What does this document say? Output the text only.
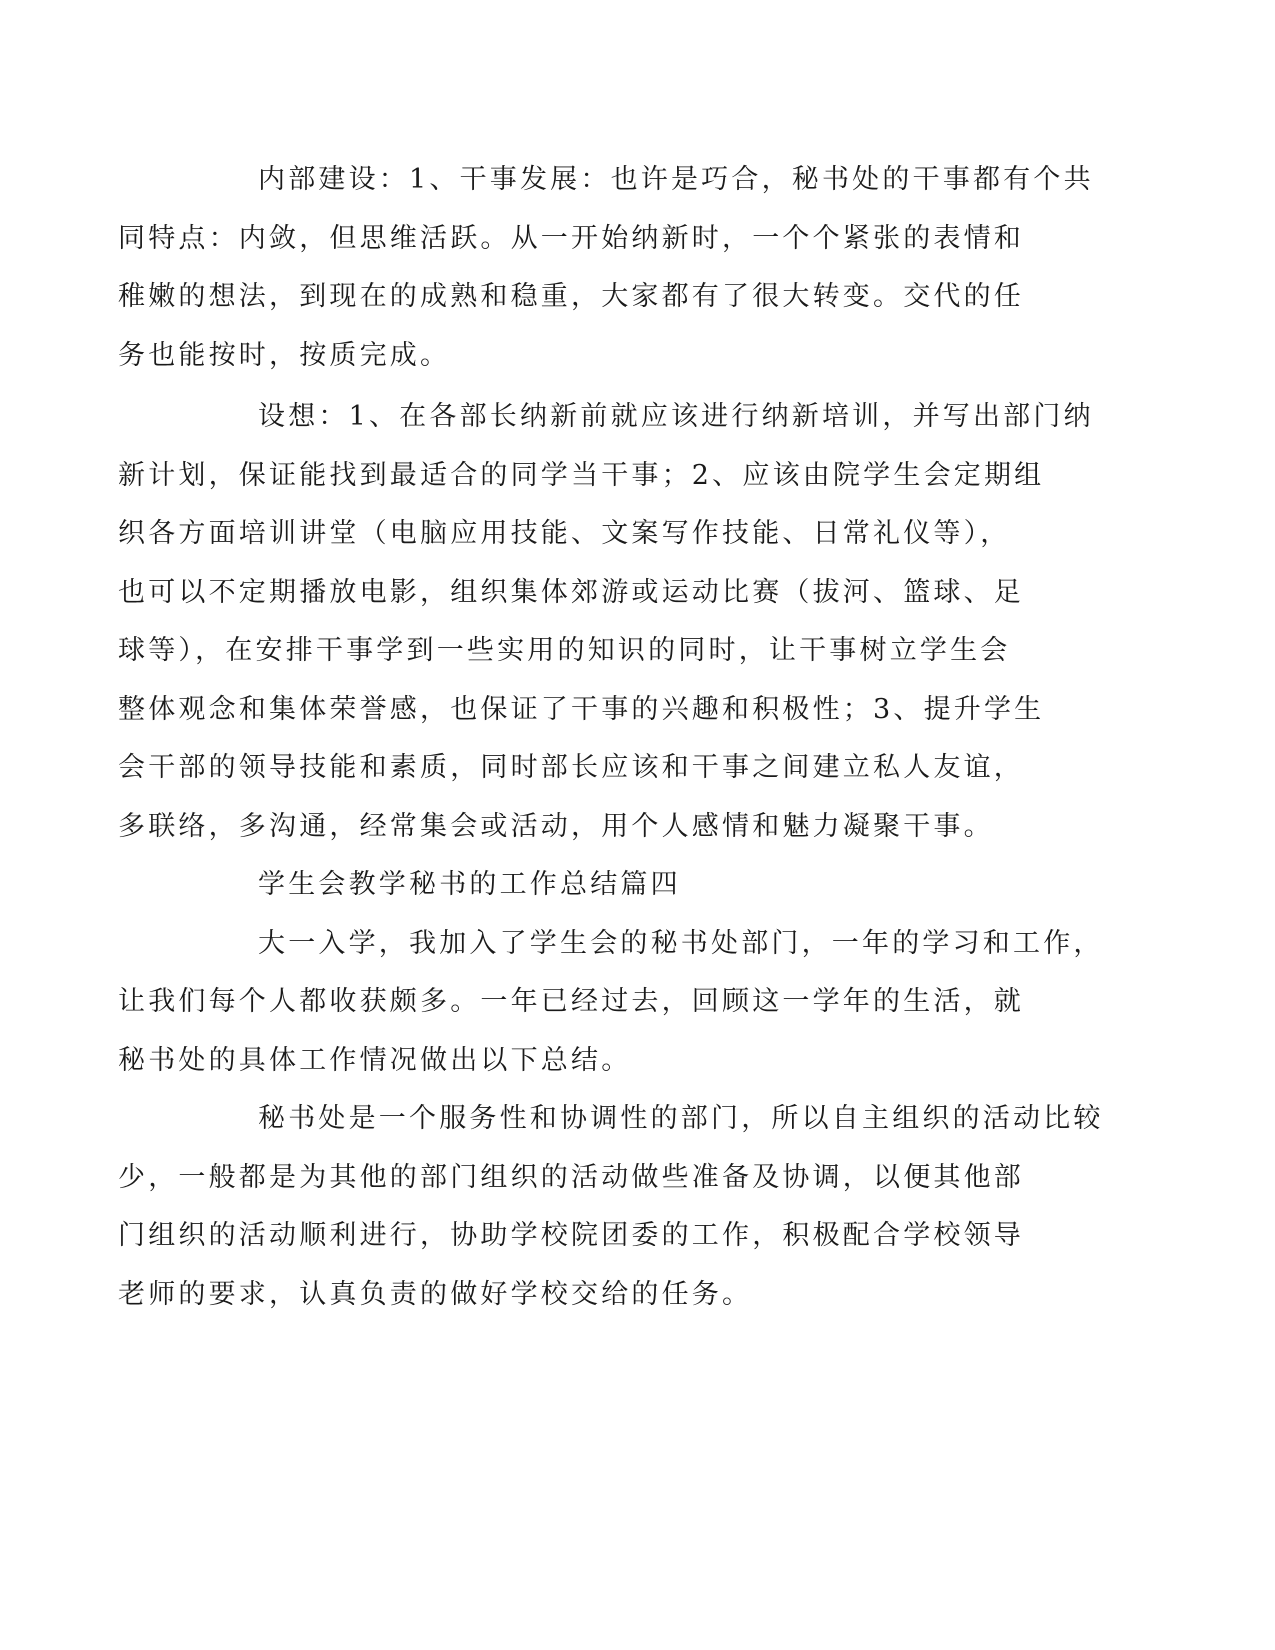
内部建设：1、干事发展：也许是巧合，秘书处的干事都有个共
同特点：内敛，但思维活跃。从一开始纳新时，一个个紧张的表情和
稚嫩的想法，到现在的成熟和稳重，大家都有了很大转变。交代的任
务也能按时，按质完成。

设想：1、在各部长纳新前就应该进行纳新培训，并写出部门纳
新计划，保证能找到最适合的同学当干事；2、应该由院学生会定期组
织各方面培训讲堂（电脑应用技能、文案写作技能、日常礼仪等），
也可以不定期播放电影，组织集体郊游或运动比赛（拔河、篮球、足
球等），在安排干事学到一些实用的知识的同时，让干事树立学生会
整体观念和集体荣誉感，也保证了干事的兴趣和积极性；3、提升学生
会干部的领导技能和素质，同时部长应该和干事之间建立私人友谊，
多联络，多沟通，经常集会或活动，用个人感情和魅力凝聚干事。

学生会教学秘书的工作总结篇四

大一入学，我加入了学生会的秘书处部门，一年的学习和工作，
让我们每个人都收获颇多。一年已经过去，回顾这一学年的生活，就
秘书处的具体工作情况做出以下总结。

秘书处是一个服务性和协调性的部门，所以自主组织的活动比较
少，一般都是为其他的部门组织的活动做些准备及协调，以便其他部
门组织的活动顺利进行，协助学校院团委的工作，积极配合学校领导
老师的要求，认真负责的做好学校交给的任务。
